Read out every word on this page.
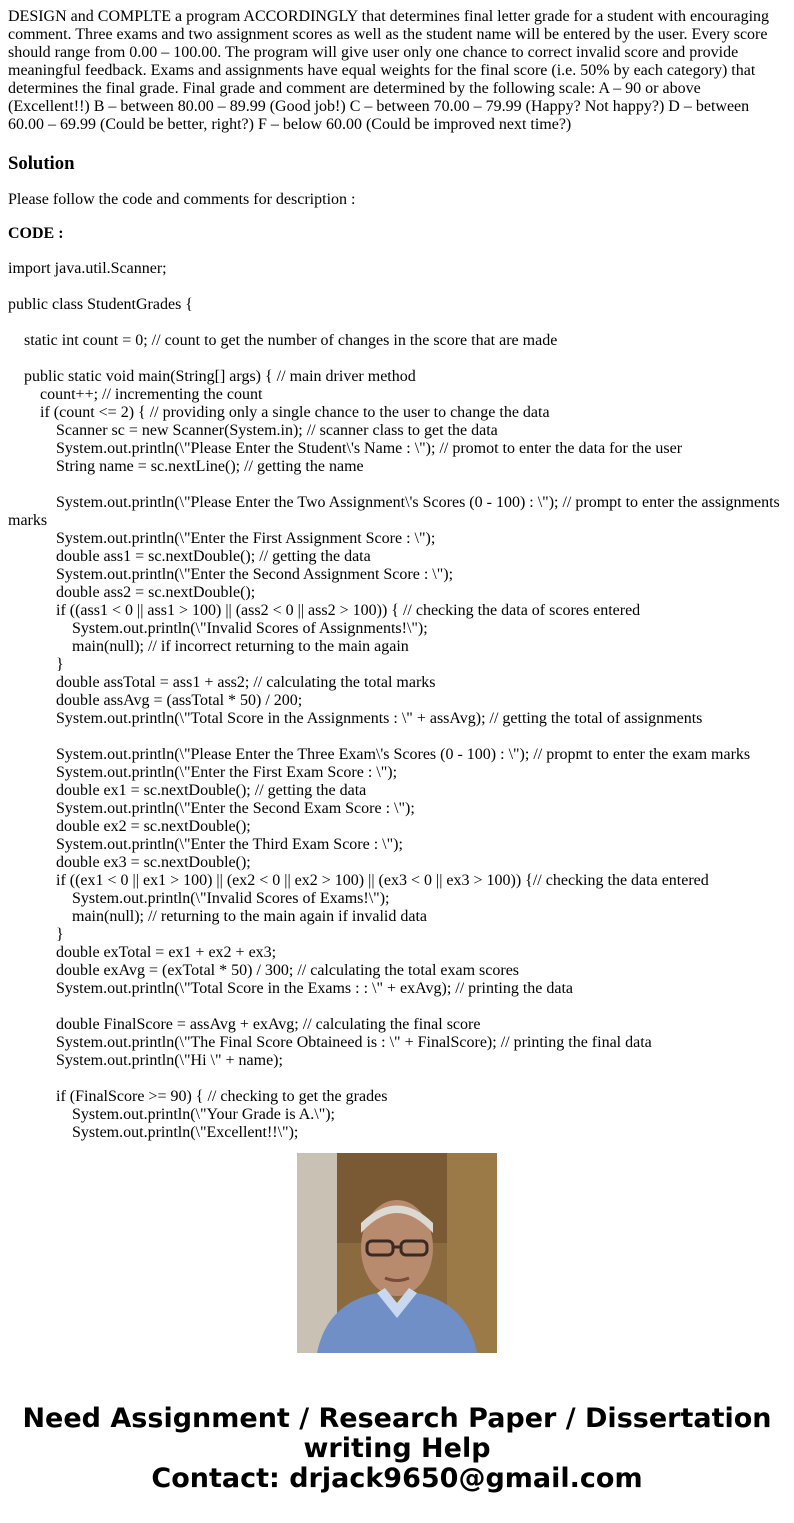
DESIGN and COMPLTE a program ACCORDINGLY that determines final letter grade for a student with encouraging comment. Three exams and two assignment scores as well as the student name will be entered by the user. Every score should range from 0.00 – 100.00. The program will give user only one chance to correct invalid score and provide meaningful feedback. Exams and assignments have equal weights for the final score (i.e. 50% by each category) that determines the final grade. Final grade and comment are determined by the following scale: A – 90 or above (Excellent!!) B – between 80.00 – 89.99 (Good job!) C – between 70.00 – 79.99 (Happy? Not happy?) D – between 60.00 – 69.99 (Could be better, right?) F – below 60.00 (Could be improved next time?)
Solution

Please follow the code and comments for description :

CODE :

import java.util.Scanner;
public class StudentGrades {
static int count = 0; // count to get the number of changes in the score that are made
public static void main(String[] args) { // main driver method
count++; // incrementing the count
if (count <= 2) { // providing only a single chance to the user to change the data
Scanner sc = new Scanner(System.in); // scanner class to get the data
System.out.println(\"Please Enter the Student\'s Name : \"); // promot to enter the data for the user
String name = sc.nextLine(); // getting the name
System.out.println(\"Please Enter the Two Assignment\'s Scores (0 - 100) : \"); // prompt to enter the assignments marks
System.out.println(\"Enter the First Assignment Score : \");
double ass1 = sc.nextDouble(); // getting the data
System.out.println(\"Enter the Second Assignment Score : \");
double ass2 = sc.nextDouble();
if ((ass1 < 0 || ass1 > 100) || (ass2 < 0 || ass2 > 100)) { // checking the data of scores entered
System.out.println(\"Invalid Scores of Assignments!\");
main(null); // if incorrect returning to the main again
}
double assTotal = ass1 + ass2; // calculating the total marks
double assAvg = (assTotal * 50) / 200;
System.out.println(\"Total Score in the Assignments : \" + assAvg); // getting the total of assignments
System.out.println(\"Please Enter the Three Exam\'s Scores (0 - 100) : \"); // propmt to enter the exam marks
System.out.println(\"Enter the First Exam Score : \");
double ex1 = sc.nextDouble(); // getting the data
System.out.println(\"Enter the Second Exam Score : \");
double ex2 = sc.nextDouble();
System.out.println(\"Enter the Third Exam Score : \");
double ex3 = sc.nextDouble();
if ((ex1 < 0 || ex1 > 100) || (ex2 < 0 || ex2 > 100) || (ex3 < 0 || ex3 > 100)) {// checking the data entered
System.out.println(\"Invalid Scores of Exams!\");
main(null); // returning to the main again if invalid data
}
double exTotal = ex1 + ex2 + ex3;
double exAvg = (exTotal * 50) / 300; // calculating the total exam scores
System.out.println(\"Total Score in the Exams : : \" + exAvg); // printing the data
double FinalScore = assAvg + exAvg; // calculating the final score
System.out.println(\"The Final Score Obtaineed is : \" + FinalScore); // printing the final data
System.out.println(\"Hi \" + name);
if (FinalScore >= 90) { // checking to get the grades
System.out.println(\"Your Grade is A.\");
System.out.println(\"Excellent!!\");
Need Assignment / Research Paper / Dissertation
writing Help
Contact: drjack9650@gmail.com
